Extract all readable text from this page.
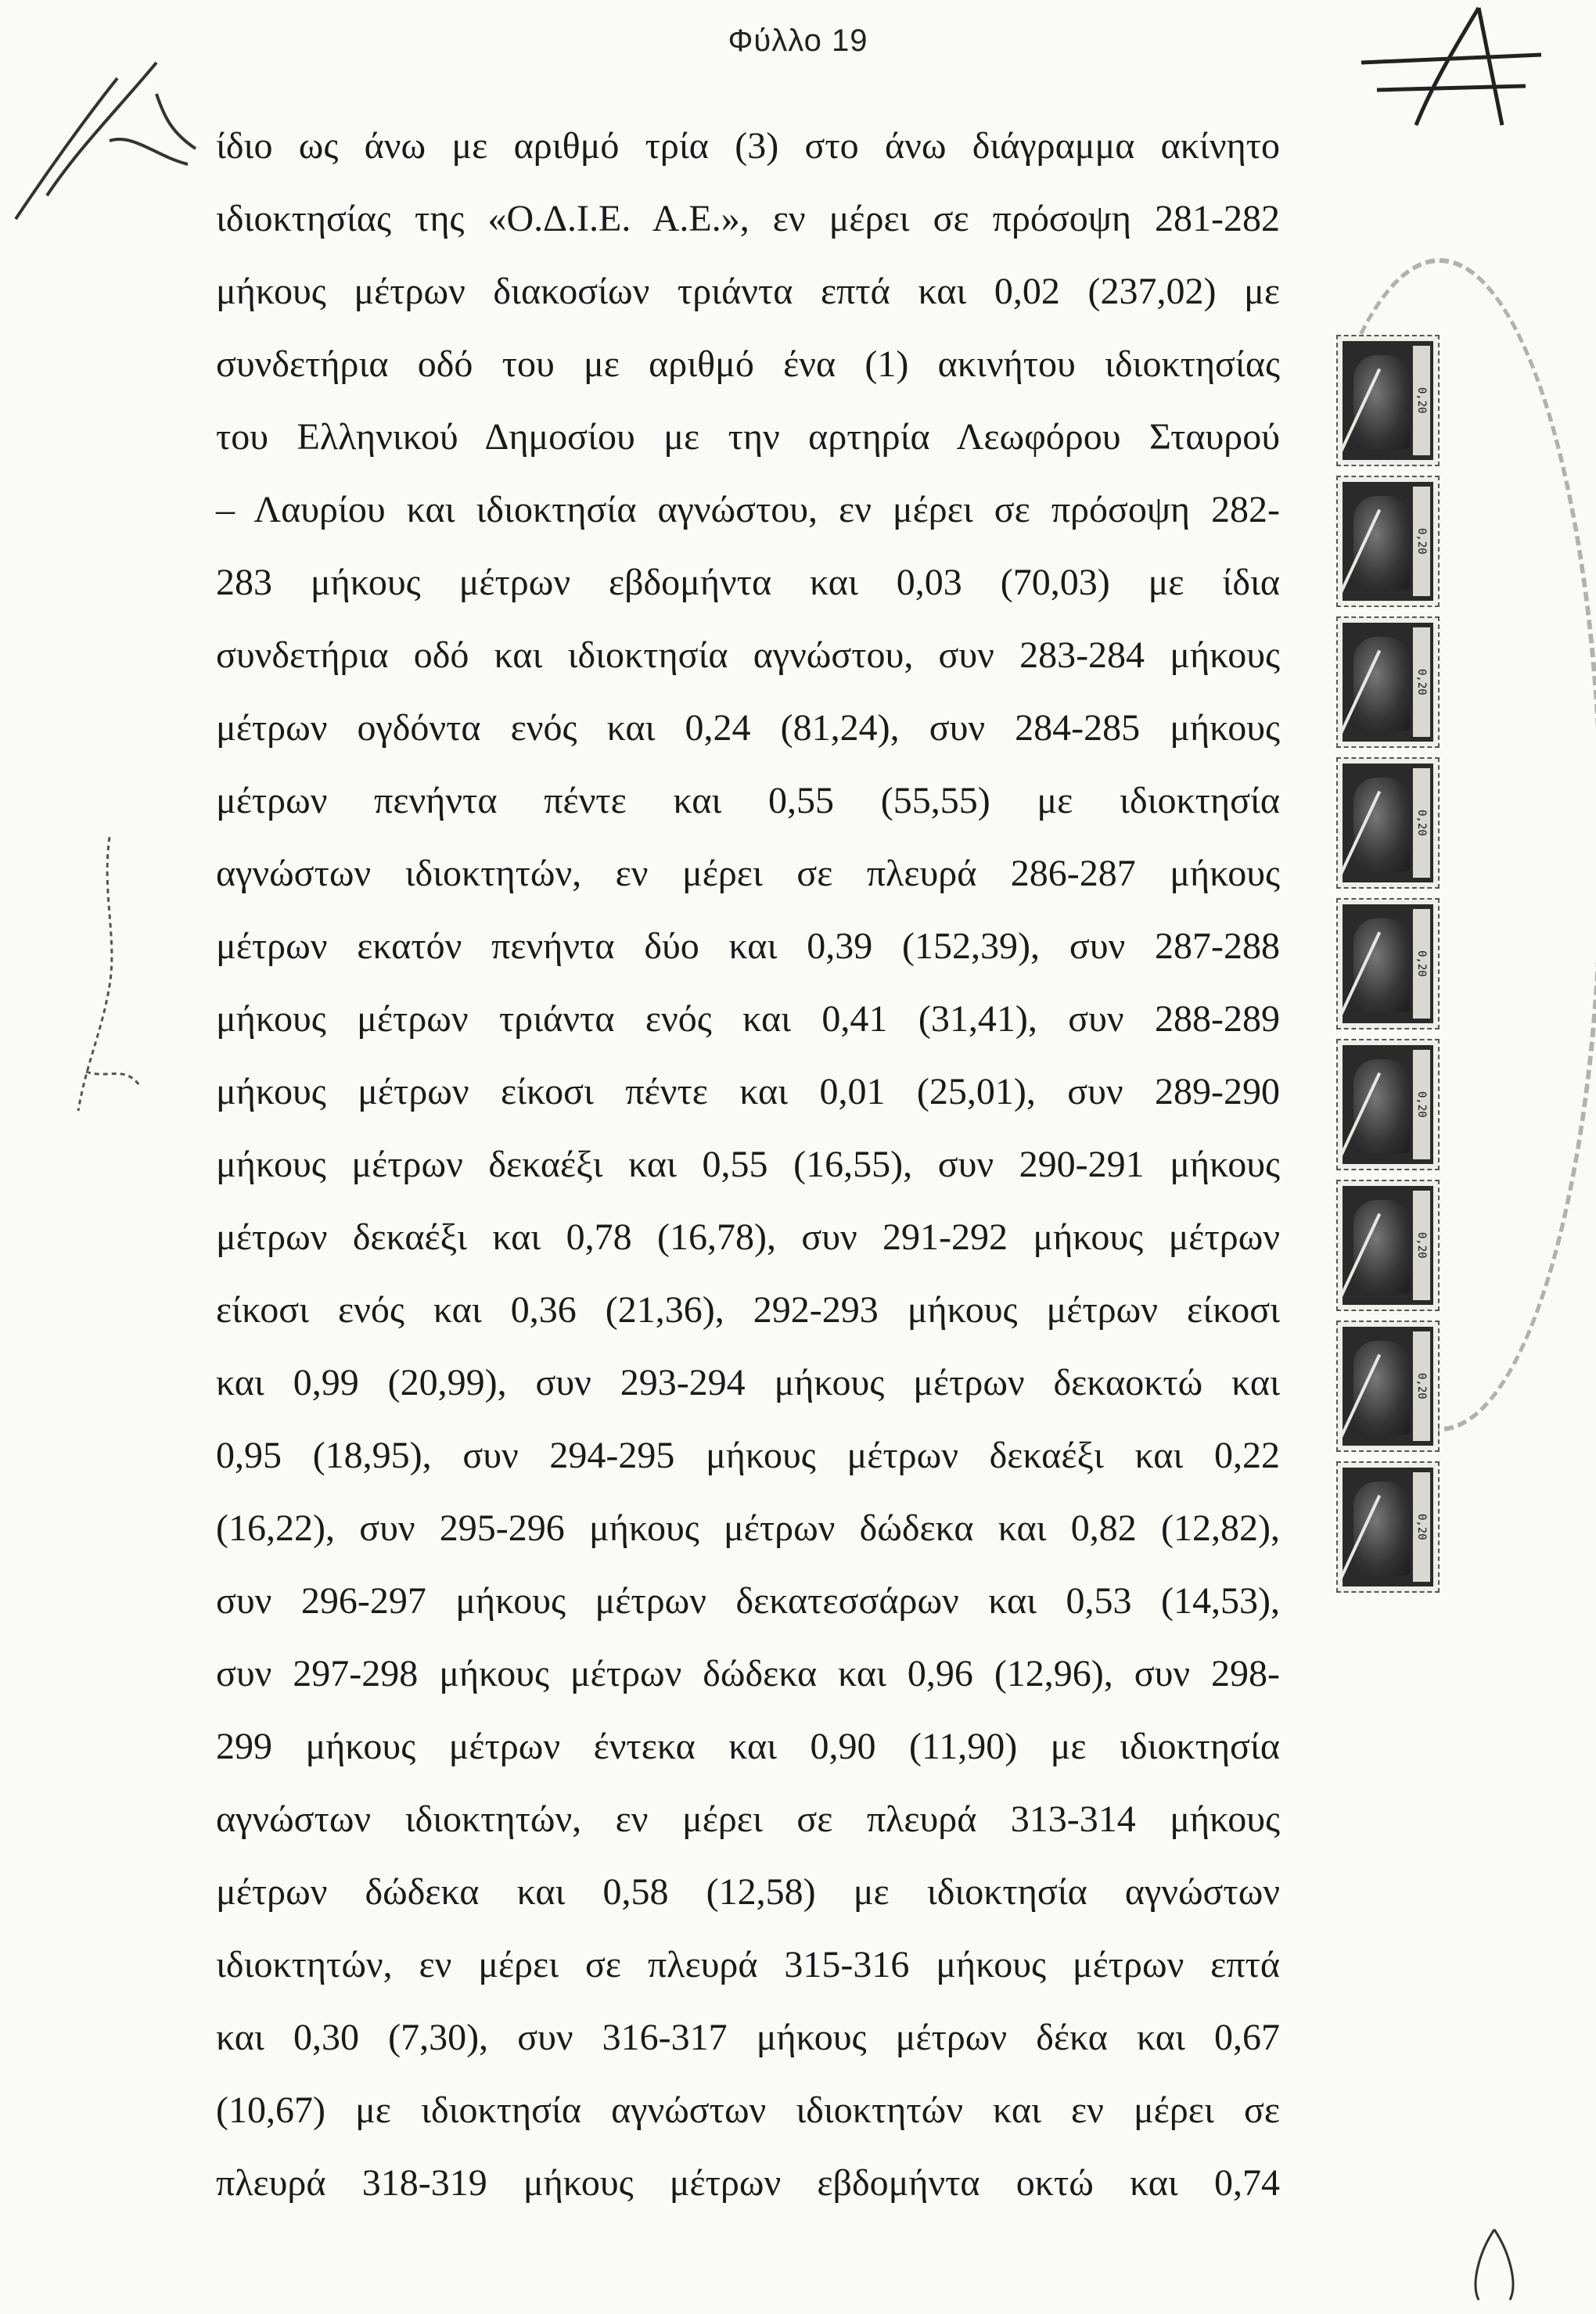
Φύλλο 19
ίδιο ως άνω με αριθμό τρία (3) στο άνω διάγραμμα ακίνητο
ιδιοκτησίας της «Ο.Δ.Ι.Ε. Α.Ε.», εν μέρει σε πρόσοψη 281-282
μήκους μέτρων διακοσίων τριάντα επτά και 0,02 (237,02) με
συνδετήρια οδό του με αριθμό ένα (1) ακινήτου ιδιοκτησίας
του Ελληνικού Δημοσίου με την αρτηρία Λεωφόρου Σταυρού
– Λαυρίου και ιδιοκτησία αγνώστου, εν μέρει σε πρόσοψη 282-
283 μήκους μέτρων εβδομήντα και 0,03 (70,03) με ίδια
συνδετήρια οδό και ιδιοκτησία αγνώστου, συν 283-284 μήκους
μέτρων ογδόντα ενός και 0,24 (81,24), συν 284-285 μήκους
μέτρων πενήντα πέντε και 0,55 (55,55) με ιδιοκτησία
αγνώστων ιδιοκτητών, εν μέρει σε πλευρά 286-287 μήκους
μέτρων εκατόν πενήντα δύο και 0,39 (152,39), συν 287-288
μήκους μέτρων τριάντα ενός και 0,41 (31,41), συν 288-289
μήκους μέτρων είκοσι πέντε και 0,01 (25,01), συν 289-290
μήκους μέτρων δεκαέξι και 0,55 (16,55), συν 290-291 μήκους
μέτρων δεκαέξι και 0,78 (16,78), συν 291-292 μήκους μέτρων
είκοσι ενός και 0,36 (21,36), 292-293 μήκους μέτρων είκοσι
και 0,99 (20,99), συν 293-294 μήκους μέτρων δεκαοκτώ και
0,95 (18,95), συν 294-295 μήκους μέτρων δεκαέξι και 0,22
(16,22), συν 295-296 μήκους μέτρων δώδεκα και 0,82 (12,82),
συν 296-297 μήκους μέτρων δεκατεσσάρων και 0,53 (14,53),
συν 297-298 μήκους μέτρων δώδεκα και 0,96 (12,96), συν 298-
299 μήκους μέτρων έντεκα και 0,90 (11,90) με ιδιοκτησία
αγνώστων ιδιοκτητών, εν μέρει σε πλευρά 313-314 μήκους
μέτρων δώδεκα και 0,58 (12,58) με ιδιοκτησία αγνώστων
ιδιοκτητών, εν μέρει σε πλευρά 315-316 μήκους μέτρων επτά
και 0,30 (7,30), συν 316-317 μήκους μέτρων δέκα και 0,67
(10,67) με ιδιοκτησία αγνώστων ιδιοκτητών και εν μέρει σε
πλευρά 318-319 μήκους μέτρων εβδομήντα οκτώ και 0,74
0,20
0,20
0,20
0,20
0,20
0,20
0,20
0,20
0,20
